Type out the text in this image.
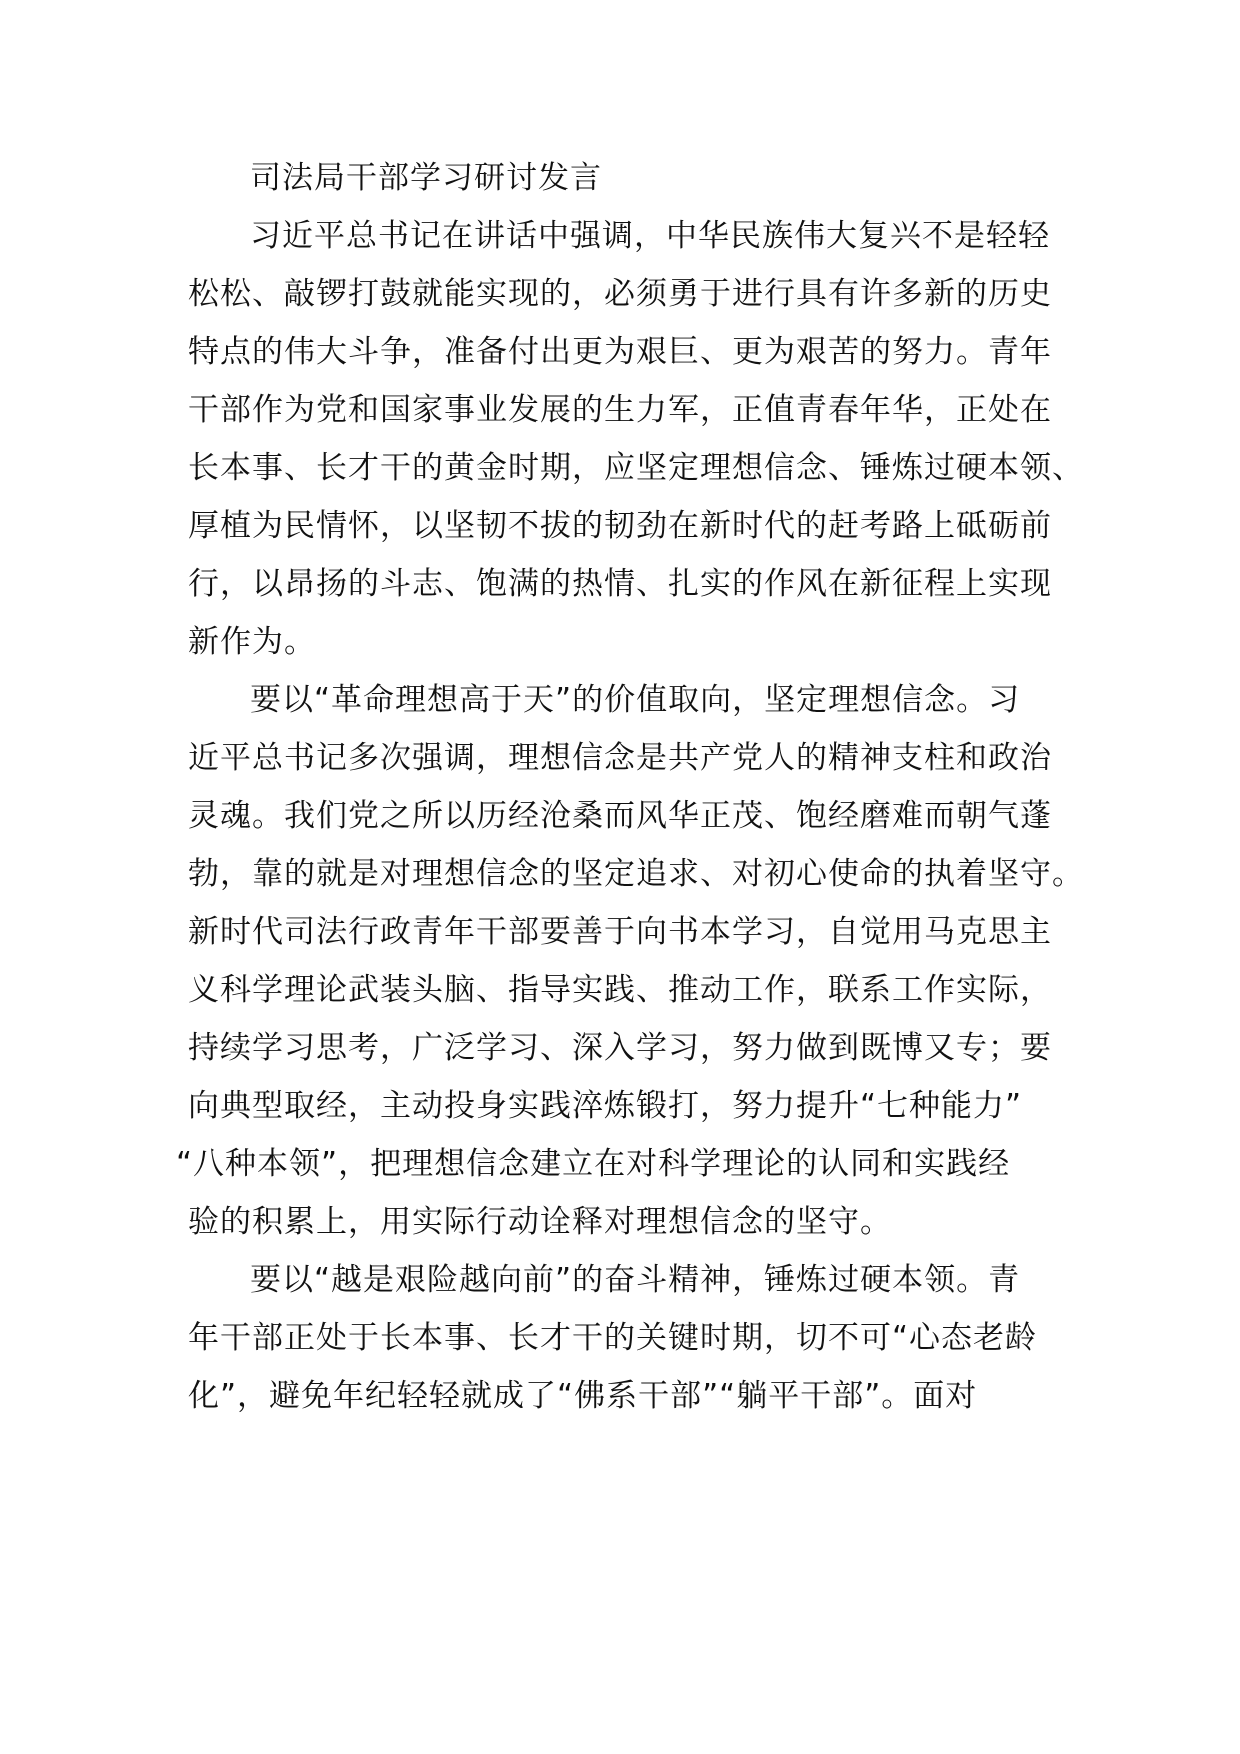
司法局干部学习研讨发言
习近平总书记在讲话中强调，中华民族伟大复兴不是轻轻
松松、敲锣打鼓就能实现的，必须勇于进行具有许多新的历史
特点的伟大斗争，准备付出更为艰巨、更为艰苦的努力。青年
干部作为党和国家事业发展的生力军，正值青春年华，正处在
长本事、长才干的黄金时期，应坚定理想信念、锤炼过硬本领、
厚植为民情怀，以坚韧不拔的韧劲在新时代的赶考路上砥砺前
行，以昂扬的斗志、饱满的热情、扎实的作风在新征程上实现
新作为。
要以“革命理想高于天”的价值取向，坚定理想信念。习
近平总书记多次强调，理想信念是共产党人的精神支柱和政治
灵魂。我们党之所以历经沧桑而风华正茂、饱经磨难而朝气蓬
勃，靠的就是对理想信念的坚定追求、对初心使命的执着坚守。
新时代司法行政青年干部要善于向书本学习，自觉用马克思主
义科学理论武装头脑、指导实践、推动工作，联系工作实际，
持续学习思考，广泛学习、深入学习，努力做到既博又专；要
向典型取经，主动投身实践淬炼锻打，努力提升“七种能力”
“八种本领”，把理想信念建立在对科学理论的认同和实践经
验的积累上，用实际行动诠释对理想信念的坚守。
要以“越是艰险越向前”的奋斗精神，锤炼过硬本领。青
年干部正处于长本事、长才干的关键时期，切不可“心态老龄
化”，避免年纪轻轻就成了“佛系干部”“躺平干部”。面对
